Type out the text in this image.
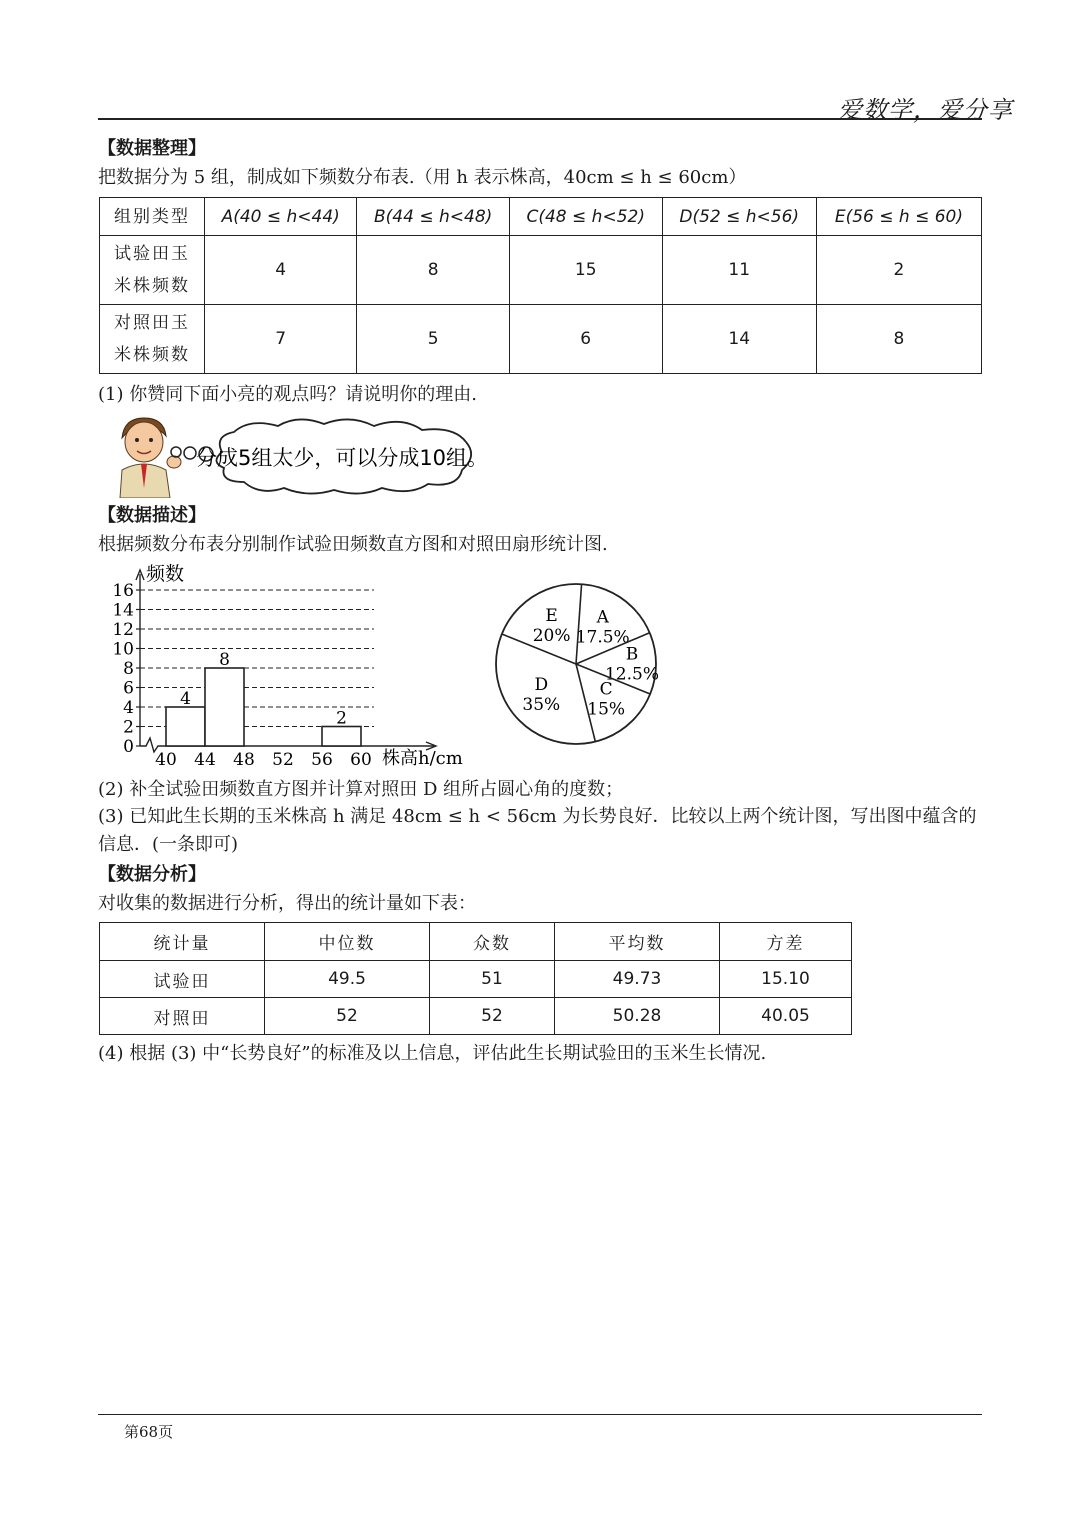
爱数学，爱分享
【数据整理】
把数据分为 5 组，制成如下频数分布表.（用 h 表示株高，40cm ≤ h ≤ 60cm）
组别类型	A(40 ≤ h<44)	B(44 ≤ h<48)	C(48 ≤ h<52)	D(52 ≤ h<56)	E(56 ≤ h ≤ 60)

试验田玉
米株频数	4	8	15	11	2

对照田玉
米株频数	7	5	6	14	8
(1) 你赞同下面小亮的观点吗？请说明你的理由.
分成5组太少，可以分成10组。
【数据描述】
根据频数分布表分别制作试验田频数直方图和对照田扇形统计图.
0
2
4
6
8
10
12
14
16
频数
株高h/cm
40 44 48 52 56 60
4
8
2
A
17.5%
B
12.5%
C
15%
D
35%
E
20%
(2) 补全试验田频数直方图并计算对照田 D 组所占圆心角的度数；
(3) 已知此生长期的玉米株高 h 满足 48cm ≤ h < 56cm 为长势良好．比较以上两个统计图，写出图中蕴含的
信息．(一条即可)
【数据分析】
对收集的数据进行分析，得出的统计量如下表：
统计量	中位数	众数	平均数	方差
试验田	49.5	51	49.73	15.10
对照田	52	52	50.28	40.05
(4) 根据 (3) 中“长势良好”的标准及以上信息，评估此生长期试验田的玉米生长情况.
第68页
